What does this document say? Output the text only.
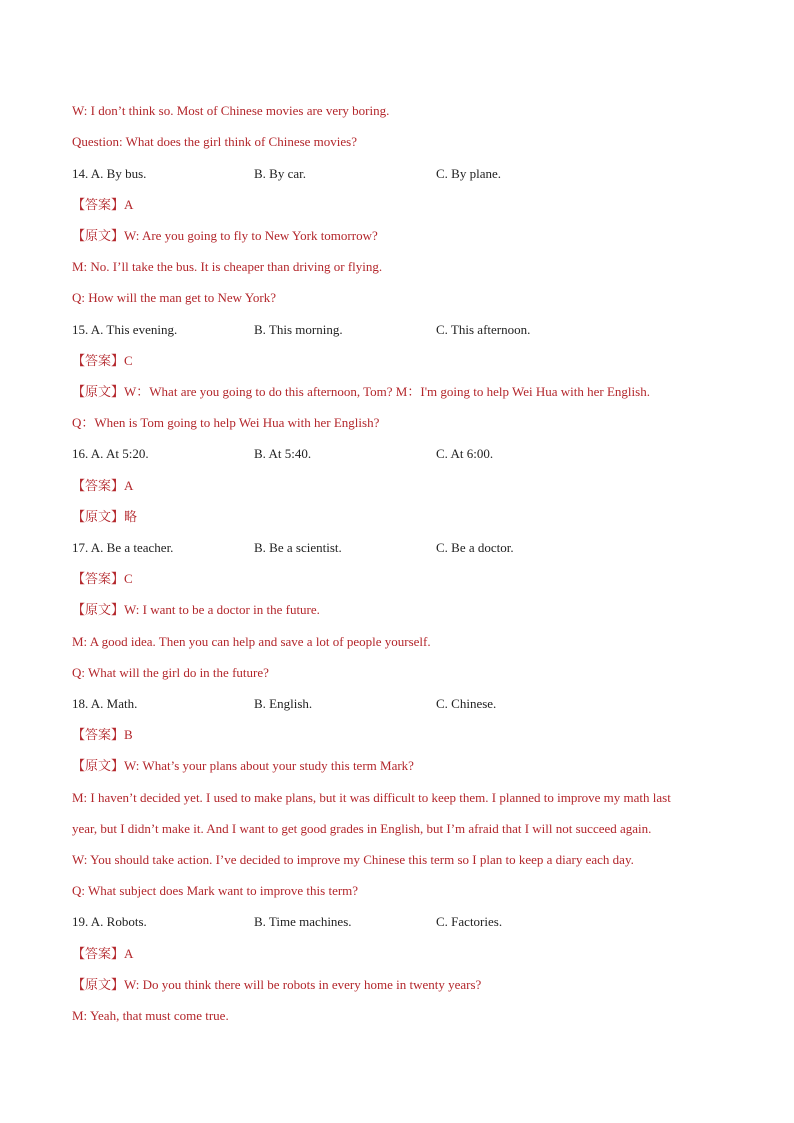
W: I don’t think so. Most of Chinese movies are very boring.
Question: What does the girl think of Chinese movies?
14. A. By bus.	B. By car.	C. By plane.
【答案】A
【原文】W: Are you going to fly to New York tomorrow?
M: No. I’ll take the bus. It is cheaper than driving or flying.
Q: How will the man get to New York?
15. A. This evening.	B. This morning.	C. This afternoon.
【答案】C
【原文】W：What are you going to do this afternoon, Tom? M：I'm going to help Wei Hua with her English.
Q：When is Tom going to help Wei Hua with her English?
16. A. At 5:20.	B. At 5:40.	C. At 6:00.
【答案】A
【原文】略
17. A. Be a teacher.	B. Be a scientist.	C. Be a doctor.
【答案】C
【原文】W: I want to be a doctor in the future.
M: A good idea. Then you can help and save a lot of people yourself.
Q: What will the girl do in the future?
18. A. Math.	B. English.	C. Chinese.
【答案】B
【原文】W: What’s your plans about your study this term Mark?
M: I haven’t decided yet. I used to make plans, but it was difficult to keep them. I planned to improve my math last
year, but I didn’t make it. And I want to get good grades in English, but I’m afraid that I will not succeed again.
W: You should take action. I’ve decided to improve my Chinese this term so I plan to keep a diary each day.
Q: What subject does Mark want to improve this term?
19. A. Robots.	B. Time machines.	C. Factories.
【答案】A
【原文】W: Do you think there will be robots in every home in twenty years?
M: Yeah, that must come true.
